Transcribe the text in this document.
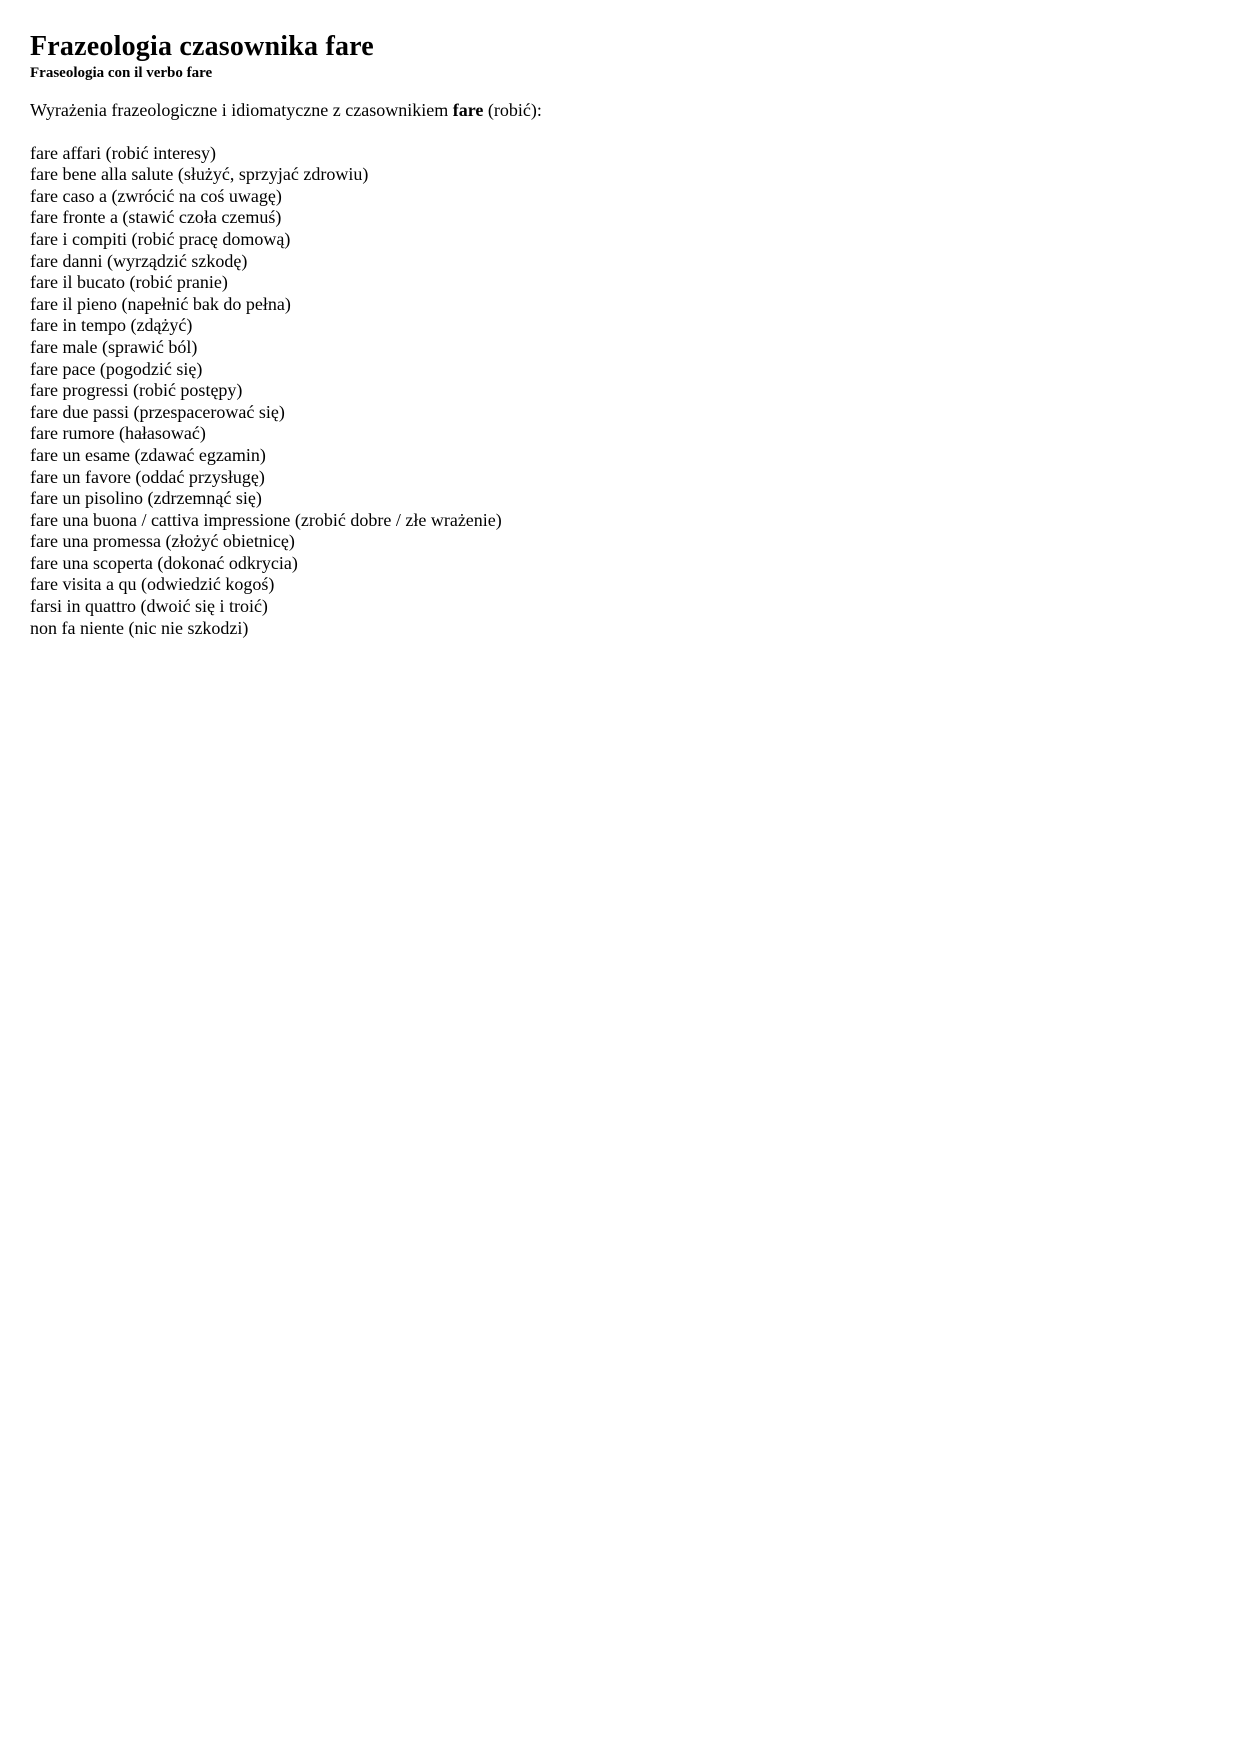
Frazeologia czasownika fare
Fraseologia con il verbo fare
Wyrażenia frazeologiczne i idiomatyczne z czasownikiem fare (robić):
fare affari (robić interesy)
fare bene alla salute (służyć, sprzyjać zdrowiu)
fare caso a (zwrócić na coś uwagę)
fare fronte a (stawić czoła czemuś)
fare i compiti (robić pracę domową)
fare danni (wyrządzić szkodę)
fare il bucato (robić pranie)
fare il pieno (napełnić bak do pełna)
fare in tempo (zdążyć)
fare male (sprawić ból)
fare pace (pogodzić się)
fare progressi (robić postępy)
fare due passi (przespacerować się)
fare rumore (hałasować)
fare un esame (zdawać egzamin)
fare un favore (oddać przysługę)
fare un pisolino (zdrzemnąć się)
fare una buona / cattiva impressione (zrobić dobre / złe wrażenie)
fare una promessa (złożyć obietnicę)
fare una scoperta (dokonać odkrycia)
fare visita a qu (odwiedzić kogoś)
farsi in quattro (dwoić się i troić)
non fa niente (nic nie szkodzi)
